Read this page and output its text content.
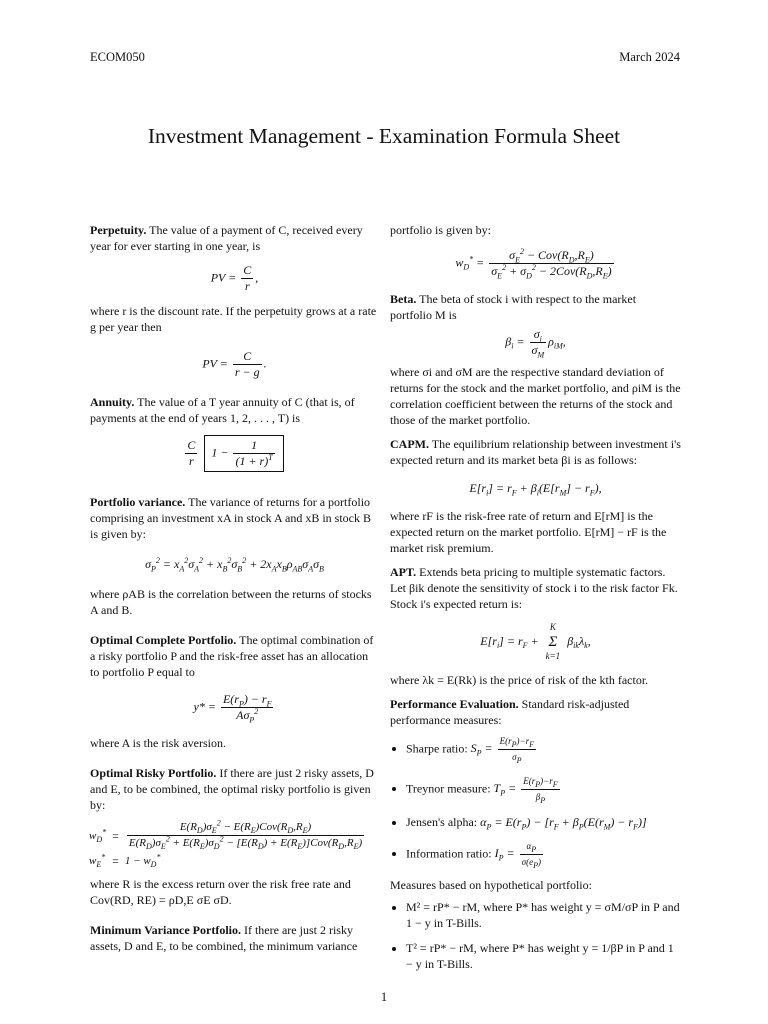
ECOM050	March 2024
Investment Management - Examination Formula Sheet

Perpetuity. The value of a payment of C, received every year for ever starting in one year, is

PV = $\frac{C}{r}$ ,

where r is the discount rate. If the perpetuity grows at a rate g per year then

PV = $\frac{C}{r - g}$ .

Annuity. The value of a T year annuity of C (that is, of payments at the end of years 1, 2, . . . , T) is

$\frac{C}{r} 1 - \frac{1}{(1 + r)^T}$

Portfolio variance. The variance of returns for a portfolio comprising an investment xA in stock A and xB in stock B is given by:

$\sigma_P^2 = x_A^2\sigma_A^2 + x_B^2\sigma_B^2 + 2x_Ax_B\rho_{AB}\sigma_A\sigma_B$

where ρAB is the correlation between the returns of stocks A and B.

Optimal Complete Portfolio. The optimal combination of a risky portfolio P and the risk-free asset has an allocation to portfolio P equal to

$y* = \frac{E(r_P) - r_F}{A\sigma_P^2}$

where A is the risk aversion.

Optimal Risky Portfolio. If there are just 2 risky assets, D and E, to be combined, the optimal risky portfolio is given by:

$w_D^*$	=	$\frac{E(R_D)\sigma_E^2 - E(R_E)Cov(R_D,R_E)}{E(R_D)\sigma_E^2 + E(R_E)\sigma_D^2 - [E(R_D) + E(R_E)]Cov(R_D,R_E)}$

$w_E^*$	=	$1 - w_D^*$

where R is the excess return over the risk free rate and Cov(RD, RE) = ρD,E σE σD.

Minimum Variance Portfolio. If there are just 2 risky assets, D and E, to be combined, the minimum variance

portfolio is given by:

$w_D^* = \frac{\sigma_E^2 - Cov(R_D,R_E)}{\sigma_E^2 + \sigma_D^2 - 2Cov(R_D,R_E)}$

Beta. The beta of stock i with respect to the market portfolio M is

$\beta_i = \frac{\sigma_i}{\sigma_M} \rho_{iM}$,

where σi and σM are the respective standard deviation of returns for the stock and the market portfolio, and ρiM is the correlation coefficient between the returns of the stock and those of the market portfolio.

CAPM. The equilibrium relationship between investment i's expected return and its market beta βi is as follows:

$E[r_i] = r_F + \beta_i(E[r_M] - r_F)$,

where rF is the risk-free rate of return and E[rM] is the expected return on the market portfolio. E[rM] − rF is the market risk premium.

APT. Extends beta pricing to multiple systematic factors. Let βik denote the sensitivity of stock i to the risk factor Fk. Stock i's expected return is:

$E[r_i] = r_F$ +
K
Σ
k=1
$\beta_{ik}\lambda_k$,

where λk = E(Rk) is the price of risk of the kth factor.

Performance Evaluation. Standard risk-adjusted performance measures:

• Sharpe ratio: $S_P = \frac{E(r_P)-r_F}{\sigma_P}$
• Treynor measure: $T_P = \frac{E(r_P)-r_F}{\beta_P}$
• Jensen's alpha: $\alpha_P = E(r_P) - [r_F + \beta_P(E(r_M) - r_F)]$
• Information ratio: $I_P = \frac{\alpha_P}{\sigma(e_P)}$

Measures based on hypothetical portfolio:

• M² = rP* − rM, where P* has weight y = σM/σP in P and 1 − y in T-Bills.
• T² = rP* − rM, where P* has weight y = 1/βP in P and 1 − y in T-Bills.
1
